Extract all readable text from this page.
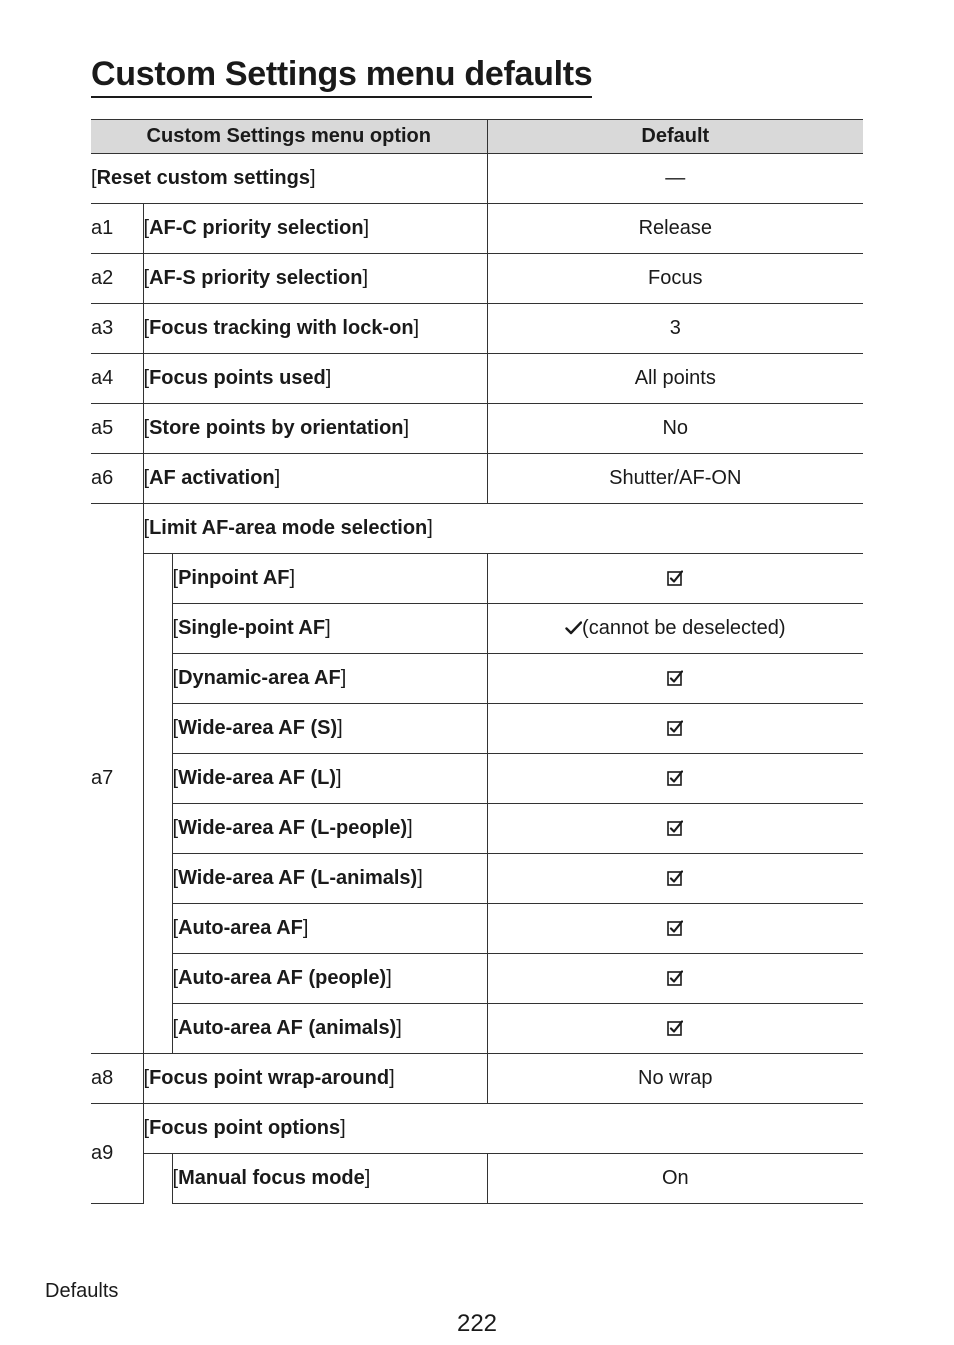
Custom Settings menu defaults
Custom Settings menu option			Default
[Reset custom settings]			—
a1	[AF-C priority selection]		Release
a2	[AF-S priority selection]		Focus
a3	[Focus tracking with lock-on]		3
a4	[Focus points used]		All points
a5	[Store points by orientation]		No
a6	[AF activation]		Shutter/AF-ON
a7	[Limit AF-area mode selection]		
		[Pinpoint AF]	

		[Single-point AF]	(cannot be deselected)
		[Dynamic-area AF]	

		[Wide-area AF (S)]	

		[Wide-area AF (L)]	

		[Wide-area AF (L-people)]	

		[Wide-area AF (L-animals)]	

		[Auto-area AF]	

		[Auto-area AF (people)]	

		[Auto-area AF (animals)]	

a8	[Focus point wrap-around]		No wrap
a9	[Focus point options]		
		[Manual focus mode]	On
Defaults
222
